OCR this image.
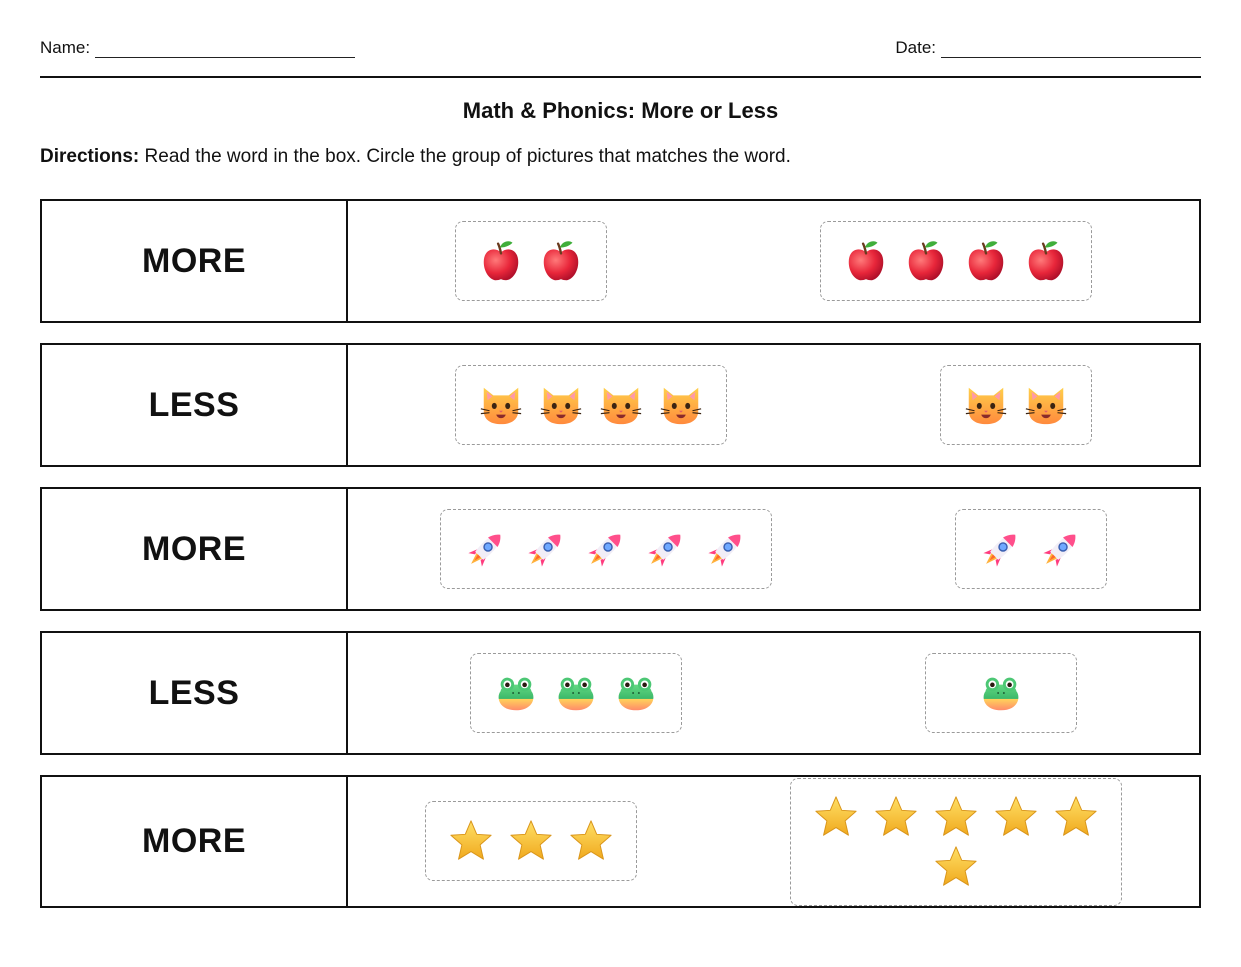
Name:	Date:
Math & Phonics: More or Less
Directions: Read the word in the box. Circle the group of pictures that matches the word.
MORE
LESS
MORE
LESS
MORE
